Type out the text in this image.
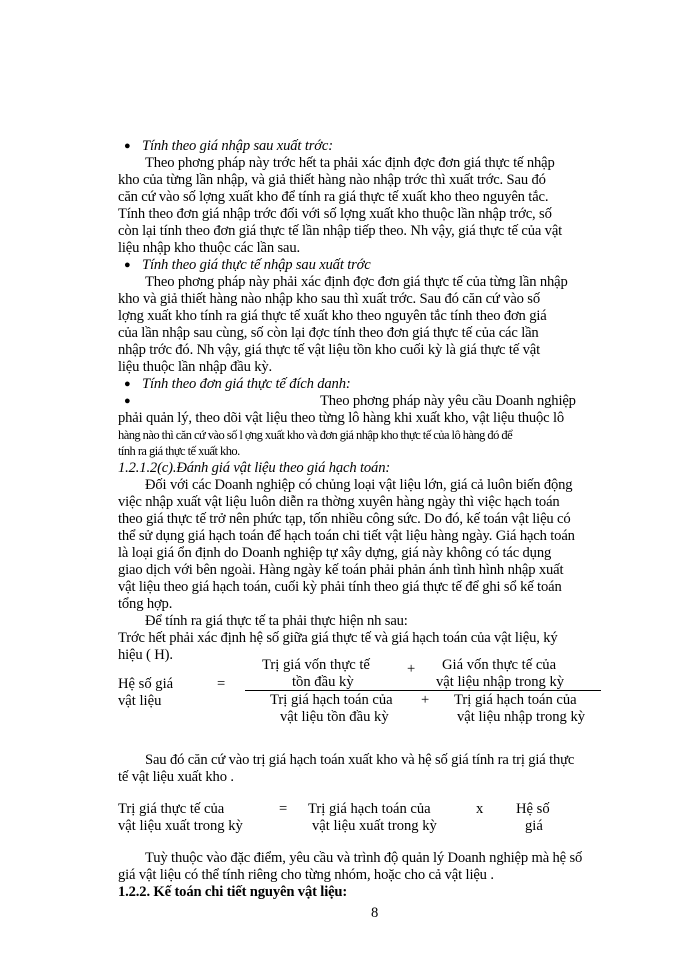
● Tính theo giá nhập sau xuất trớc:
Theo phơng pháp này trớc hết ta phải xác định đợc đơn giá thực tế nhập
kho của từng lần nhập, và giả thiết hàng nào nhập trớc thì xuất trớc. Sau đó
căn cứ vào số lợng xuất kho để tính ra giá thực tế xuất kho theo nguyên tắc.
Tính theo đơn giá nhập trớc đối với số lợng xuất kho thuộc lần nhập trớc, số
còn lại tính theo đơn giá thực tế lần nhập tiếp theo. Nh vậy, giá thực tế của vật
liệu nhập kho thuộc các lần sau.
● Tính theo giá thực tế nhập sau xuất trớc
Theo phơng pháp này phải xác định đợc đơn giá thực tế của từng lần nhập
kho và giả thiết hàng nào nhập kho sau thì xuất trớc. Sau đó căn cứ vào số
lợng xuất kho tính ra giá thực tế xuất kho theo nguyên tắc tính theo đơn giá
của lần nhập sau cùng, số còn lại đợc tính theo đơn giá thực tế của các lần
nhập trớc đó. Nh vậy, giá thực tế vật liệu tồn kho cuối kỳ là giá thực tế vật
liệu thuộc lần nhập đầu kỳ.
● Tính theo đơn giá thực tế đích danh:
●	Theo phơng pháp này yêu cầu Doanh nghiệp
phải quản lý, theo dõi vật liệu theo từng lô hàng khi xuất kho, vật liệu thuộc lô
hàng nào thì căn cứ vào số l ợng xuất kho và đơn giá nhập kho thực tế của lô hàng đó để
tính ra giá thực tế xuất kho.
1.2.1.2(c).Đánh giá vật liệu theo giá hạch toán:
Đối với các Doanh nghiệp có chủng loại vật liệu lớn, giá cả luôn biến động
việc nhập xuất vật liệu luôn diễn ra thờng xuyên hàng ngày thì việc hạch toán
theo giá thực tế trở nên phức tạp, tốn nhiều công sức. Do đó, kế toán vật liệu có
thể sử dụng giá hạch toán để hạch toán chi tiết vật liệu hàng ngày. Giá hạch toán
là loại giá ổn định do Doanh nghiệp tự xây dựng, giá này không có tác dụng
giao dịch với bên ngoài. Hàng ngày kế toán phải phản ánh tình hình nhập xuất
vật liệu theo giá hạch toán, cuối kỳ phải tính theo giá thực tế để ghi sổ kế toán
tổng hợp.
Để tính ra giá thực tế ta phải thực hiện nh sau:
Trớc hết phải xác định hệ số giữa giá thực tế và giá hạch toán của vật liệu, ký
hiệu ( H).
Trị giá vốn thực tế
tồn đầu kỳ
+ Giá vốn thực tế của
vật liệu nhập trong kỳ
Hệ số giá	=
vật liệu	Trị giá hạch toán của
vật liệu tồn đầu kỳ
+ Trị giá hạch toán của
vật liệu nhập trong kỳ
Sau đó căn cứ vào trị giá hạch toán xuất kho và hệ số giá tính ra trị giá thực
tế vật liệu xuất kho .
Trị giá thực tế của
vật liệu xuất trong kỳ
= Trị giá hạch toán của
vật liệu xuất trong kỳ
x Hệ số
giá
Tuỳ thuộc vào đặc điểm, yêu cầu và trình độ quản lý Doanh nghiệp mà hệ số
giá vật liệu có thể tính riêng cho từng nhóm, hoặc cho cả vật liệu .
1.2.2. Kế toán chi tiết nguyên vật liệu:
8
